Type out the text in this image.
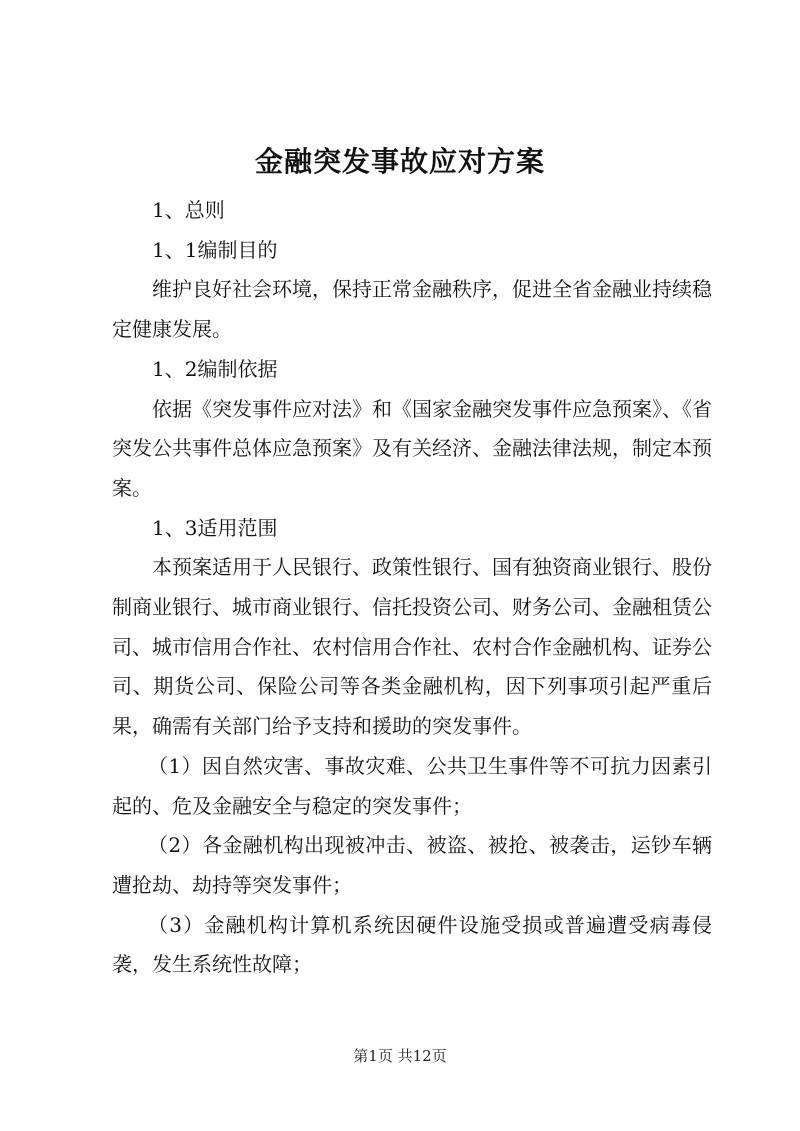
金融突发事故应对方案

1、总则

1、1编制目的

维护良好社会环境，保持正常金融秩序，促进全省金融业持续稳定健康发展。

1、2编制依据

依据《突发事件应对法》和《国家金融突发事件应急预案》、《省突发公共事件总体应急预案》及有关经济、金融法律法规，制定本预案。

1、3适用范围

本预案适用于人民银行、政策性银行、国有独资商业银行、股份制商业银行、城市商业银行、信托投资公司、财务公司、金融租赁公司、城市信用合作社、农村信用合作社、农村合作金融机构、证券公司、期货公司、保险公司等各类金融机构，因下列事项引起严重后果，确需有关部门给予支持和援助的突发事件。

（1）因自然灾害、事故灾难、公共卫生事件等不可抗力因素引起的、危及金融安全与稳定的突发事件；

（2）各金融机构出现被冲击、被盗、被抢、被袭击，运钞车辆遭抢劫、劫持等突发事件；

（3）金融机构计算机系统因硬件设施受损或普遍遭受病毒侵袭，发生系统性故障；

第1页 共12页
